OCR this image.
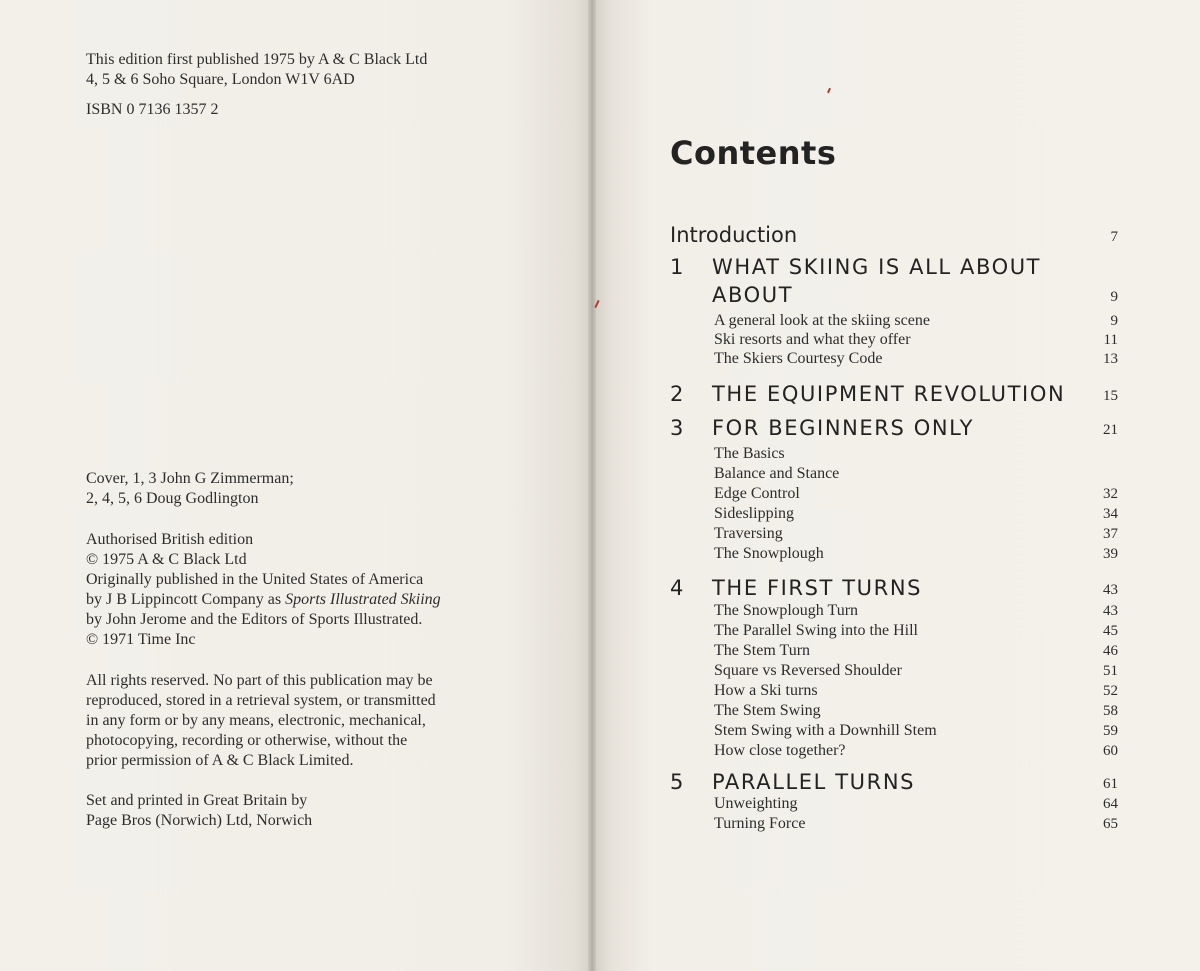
This edition first published 1975 by A & C Black Ltd
4, 5 & 6 Soho Square, London W1V 6AD
ISBN 0 7136 1357 2
Cover, 1, 3 John G Zimmerman;
2, 4, 5, 6 Doug Godlington
Authorised British edition
© 1975 A & C Black Ltd
Originally published in the United States of America
by J B Lippincott Company as Sports Illustrated Skiing
by John Jerome and the Editors of Sports Illustrated.
© 1971 Time Inc
All rights reserved. No part of this publication may be
reproduced, stored in a retrieval system, or transmitted
in any form or by any means, electronic, mechanical,
photocopying, recording or otherwise, without the
prior permission of A & C Black Limited.
Set and printed in Great Britain by
Page Bros (Norwich) Ltd, Norwich
Contents
Introduction	7
1 WHAT SKIING IS ALL ABOUT
ABOUT	9
A general look at the skiing scene	9
Ski resorts and what they offer	11
The Skiers Courtesy Code	13
2 THE EQUIPMENT REVOLUTION	15
3 FOR BEGINNERS ONLY	21
The Basics
Balance and Stance
Edge Control	32
Sideslipping	34
Traversing	37
The Snowplough	39
4 THE FIRST TURNS	43
The Snowplough Turn	43
The Parallel Swing into the Hill	45
The Stem Turn	46
Square vs Reversed Shoulder	51
How a Ski turns	52
The Stem Swing	58
Stem Swing with a Downhill Stem	59
How close together?	60
5 PARALLEL TURNS	61
Unweighting	64
Turning Force	65
